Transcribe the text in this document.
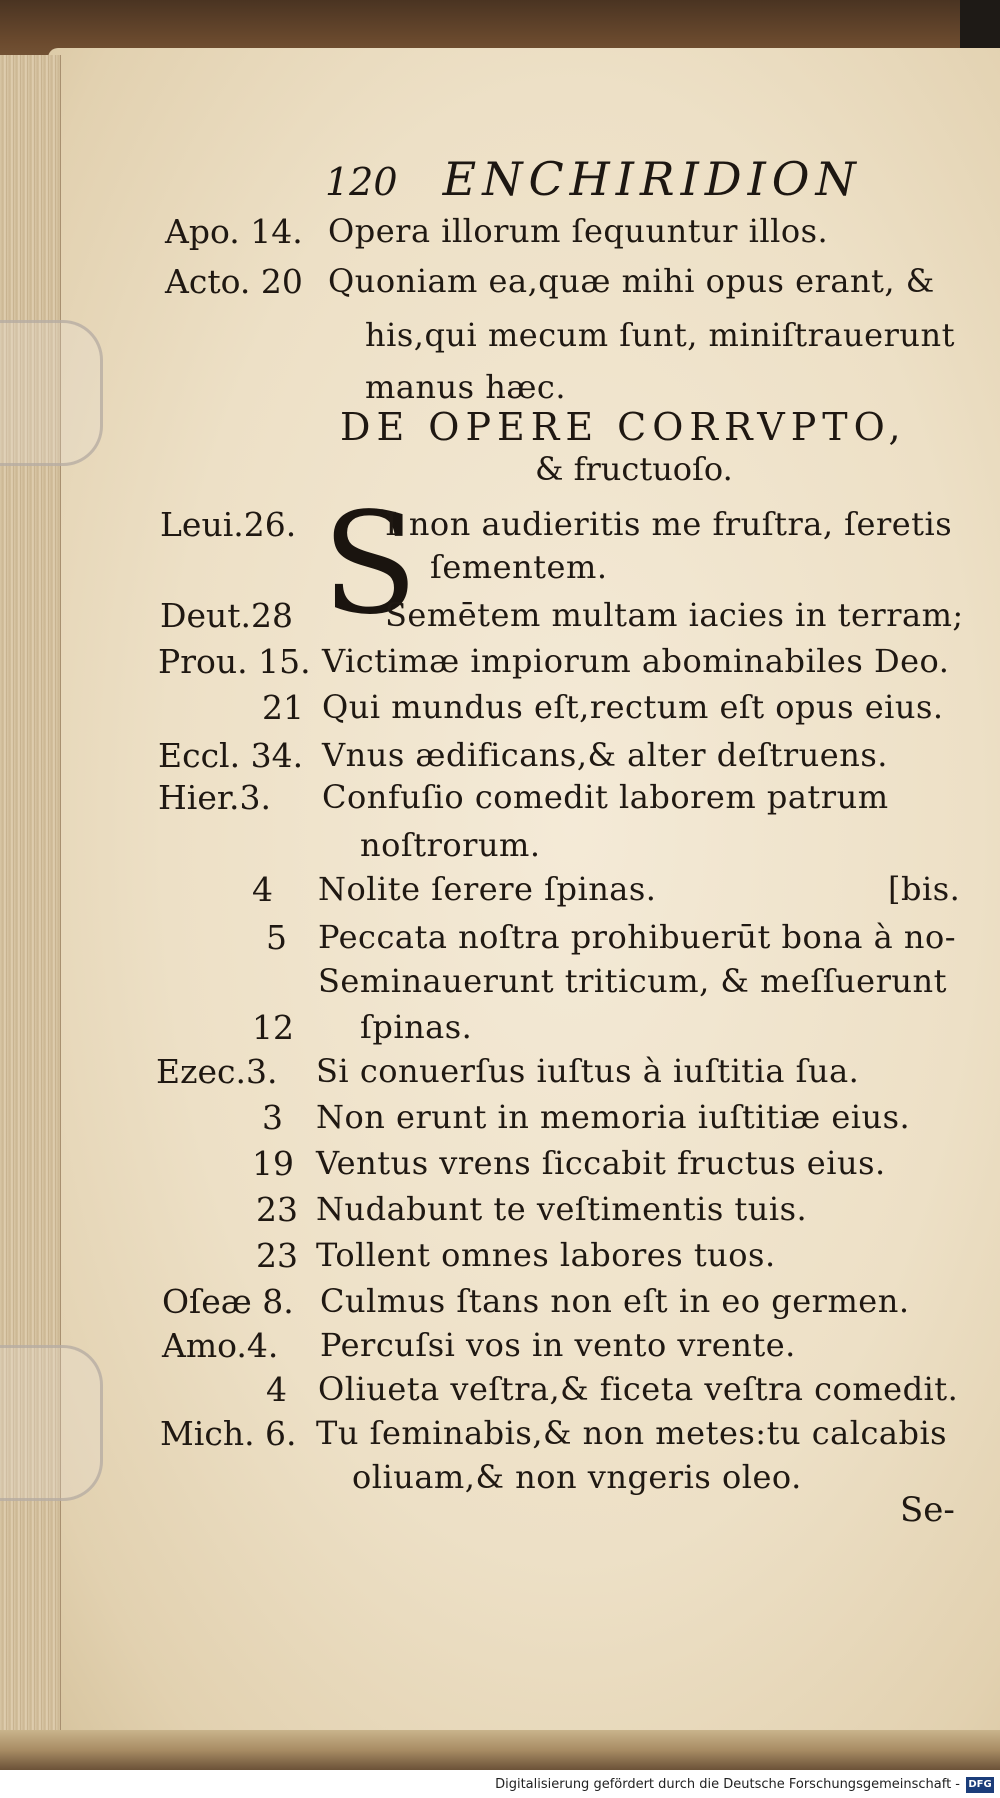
120 ENCHIRIDION
Apo. 14. Opera illorum ſequuntur illos.
Acto. 20 Quoniam ea,quæ mihi opus erant, &
his,qui mecum ſunt, miniſtrauerunt
manus hæc.
DE OPERE CORRVPTO,
& fructuoſo.
S
Leui.26.	I non audieritis me fruſtra, ſeretis
ſementem.
Deut.28	Semētem multam iacies in terram;
Prou. 15. Victimæ impiorum abominabiles Deo.
21 Qui mundus eſt,rectum eſt opus eius.
Eccl. 34. Vnus ædificans,& alter deſtruens.
Hier.3. Confuſio comedit laborem patrum
noſtrorum.
4 Nolite ſerere ſpinas.	[bis.
5 Peccata noſtra prohibuerūt bona à no-
Seminauerunt triticum, & meſſuerunt
12 ſpinas.
Ezec.3. Si conuerſus iuſtus à iuſtitia ſua.
3 Non erunt in memoria iuſtitiæ eius.
19 Ventus vrens ſiccabit fructus eius.
23 Nudabunt te veſtimentis tuis.
23 Tollent omnes labores tuos.
Oſeæ 8. Culmus ſtans non eſt in eo germen.
Amo.4. Percuſsi vos in vento vrente.
4 Oliueta veſtra,& ficeta veſtra comedit.
Mich. 6. Tu ſeminabis,& non metes:tu calcabis
oliuam,& non vngeris oleo.
Se-
Digitalisierung gefördert durch die Deutsche Forschungsgemeinschaft - DFG
